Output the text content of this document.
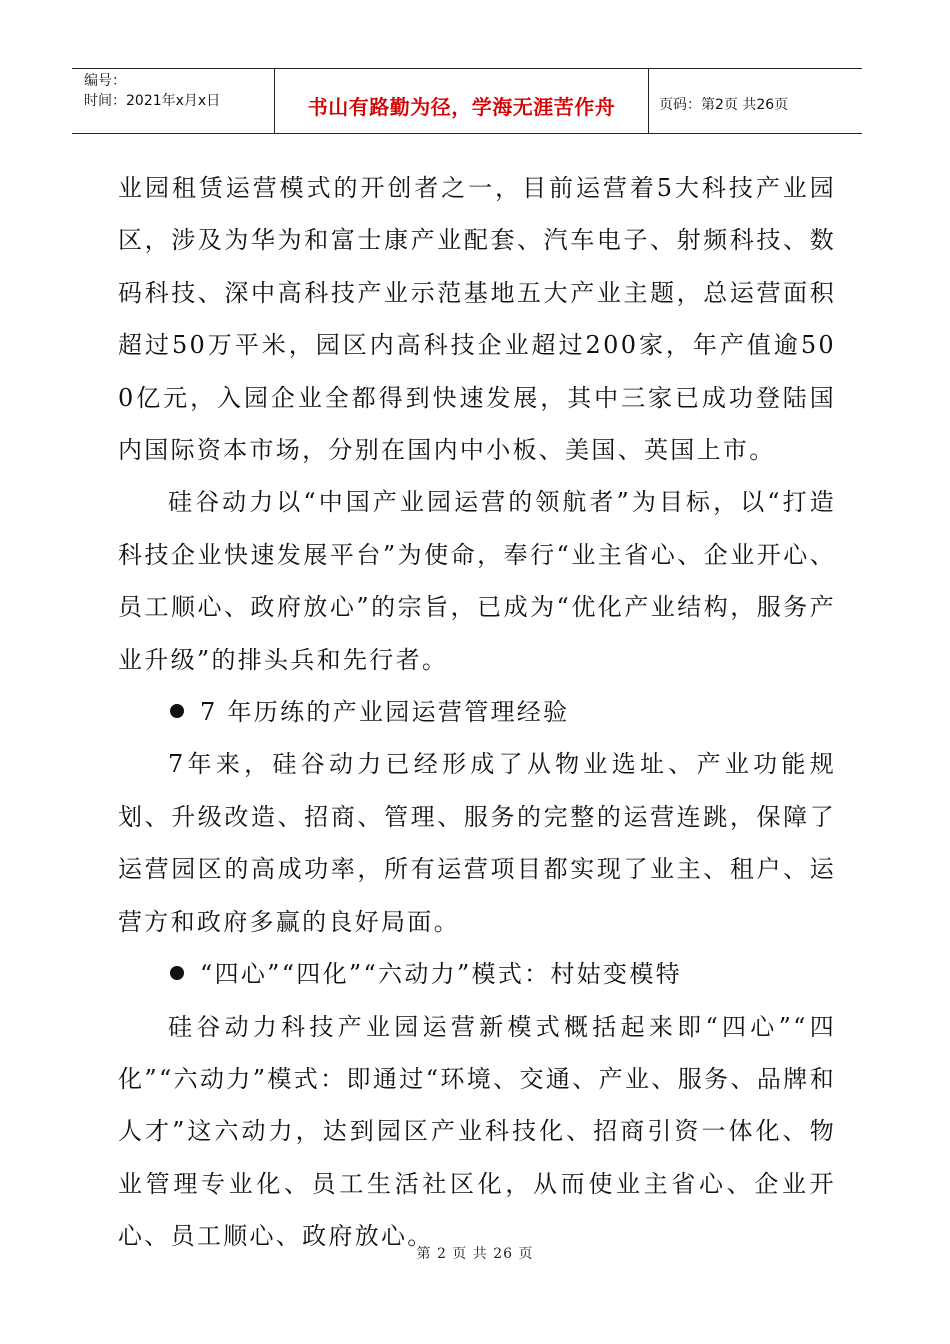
编号：
时间：2021年x月x日	书山有路勤为径，学海无涯苦作舟	页码：第2页 共26页

业园租赁运营模式的开创者之一，目前运营着5大科技产业园区，涉及为华为和富士康产业配套、汽车电子、射频科技、数码科技、深中高科技产业示范基地五大产业主题，总运营面积超过50万平米，园区内高科技企业超过200家，年产值逾500亿元，入园企业全都得到快速发展，其中三家已成功登陆国内国际资本市场，分别在国内中小板、美国、英国上市。

硅谷动力以“中国产业园运营的领航者”为目标，以“打造科技企业快速发展平台”为使命，奉行“业主省心、企业开心、员工顺心、政府放心”的宗旨，已成为“优化产业结构，服务产业升级”的排头兵和先行者。

7 年历练的产业园运营管理经验

7年来，硅谷动力已经形成了从物业选址、产业功能规划、升级改造、招商、管理、服务的完整的运营连跳，保障了运营园区的高成功率，所有运营项目都实现了业主、租户、运营方和政府多赢的良好局面。

“四心”“四化”“六动力”模式：村姑变模特

硅谷动力科技产业园运营新模式概括起来即“四心”“四化”“六动力”模式：即通过“环境、交通、产业、服务、品牌和人才”这六动力，达到园区产业科技化、招商引资一体化、物业管理专业化、员工生活社区化，从而使业主省心、企业开心、员工顺心、政府放心。

第 2 页 共 26 页
